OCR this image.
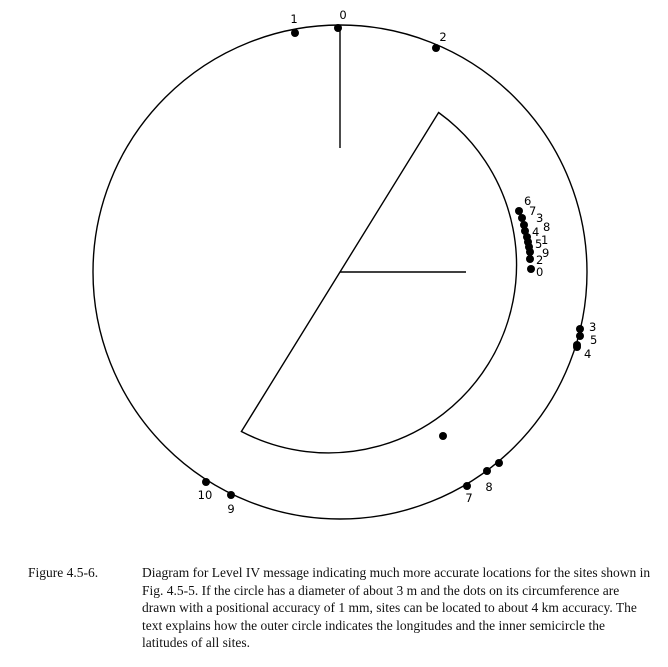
0
1
2
3
5
4
8
7
9
10
6
7 3
8
4
1
5
9
2
0
Figure 4.5-6.	Diagram for Level IV message indicating much more accurate locations for the sites shown in Fig. 4.5-5. If the circle has a diameter of about 3 m and the dots on its circumference are drawn with a positional accuracy of 1 mm, sites can be located to about 4 km accuracy. The text explains how the outer circle indicates the longitudes and the inner semicircle the latitudes of all sites.
